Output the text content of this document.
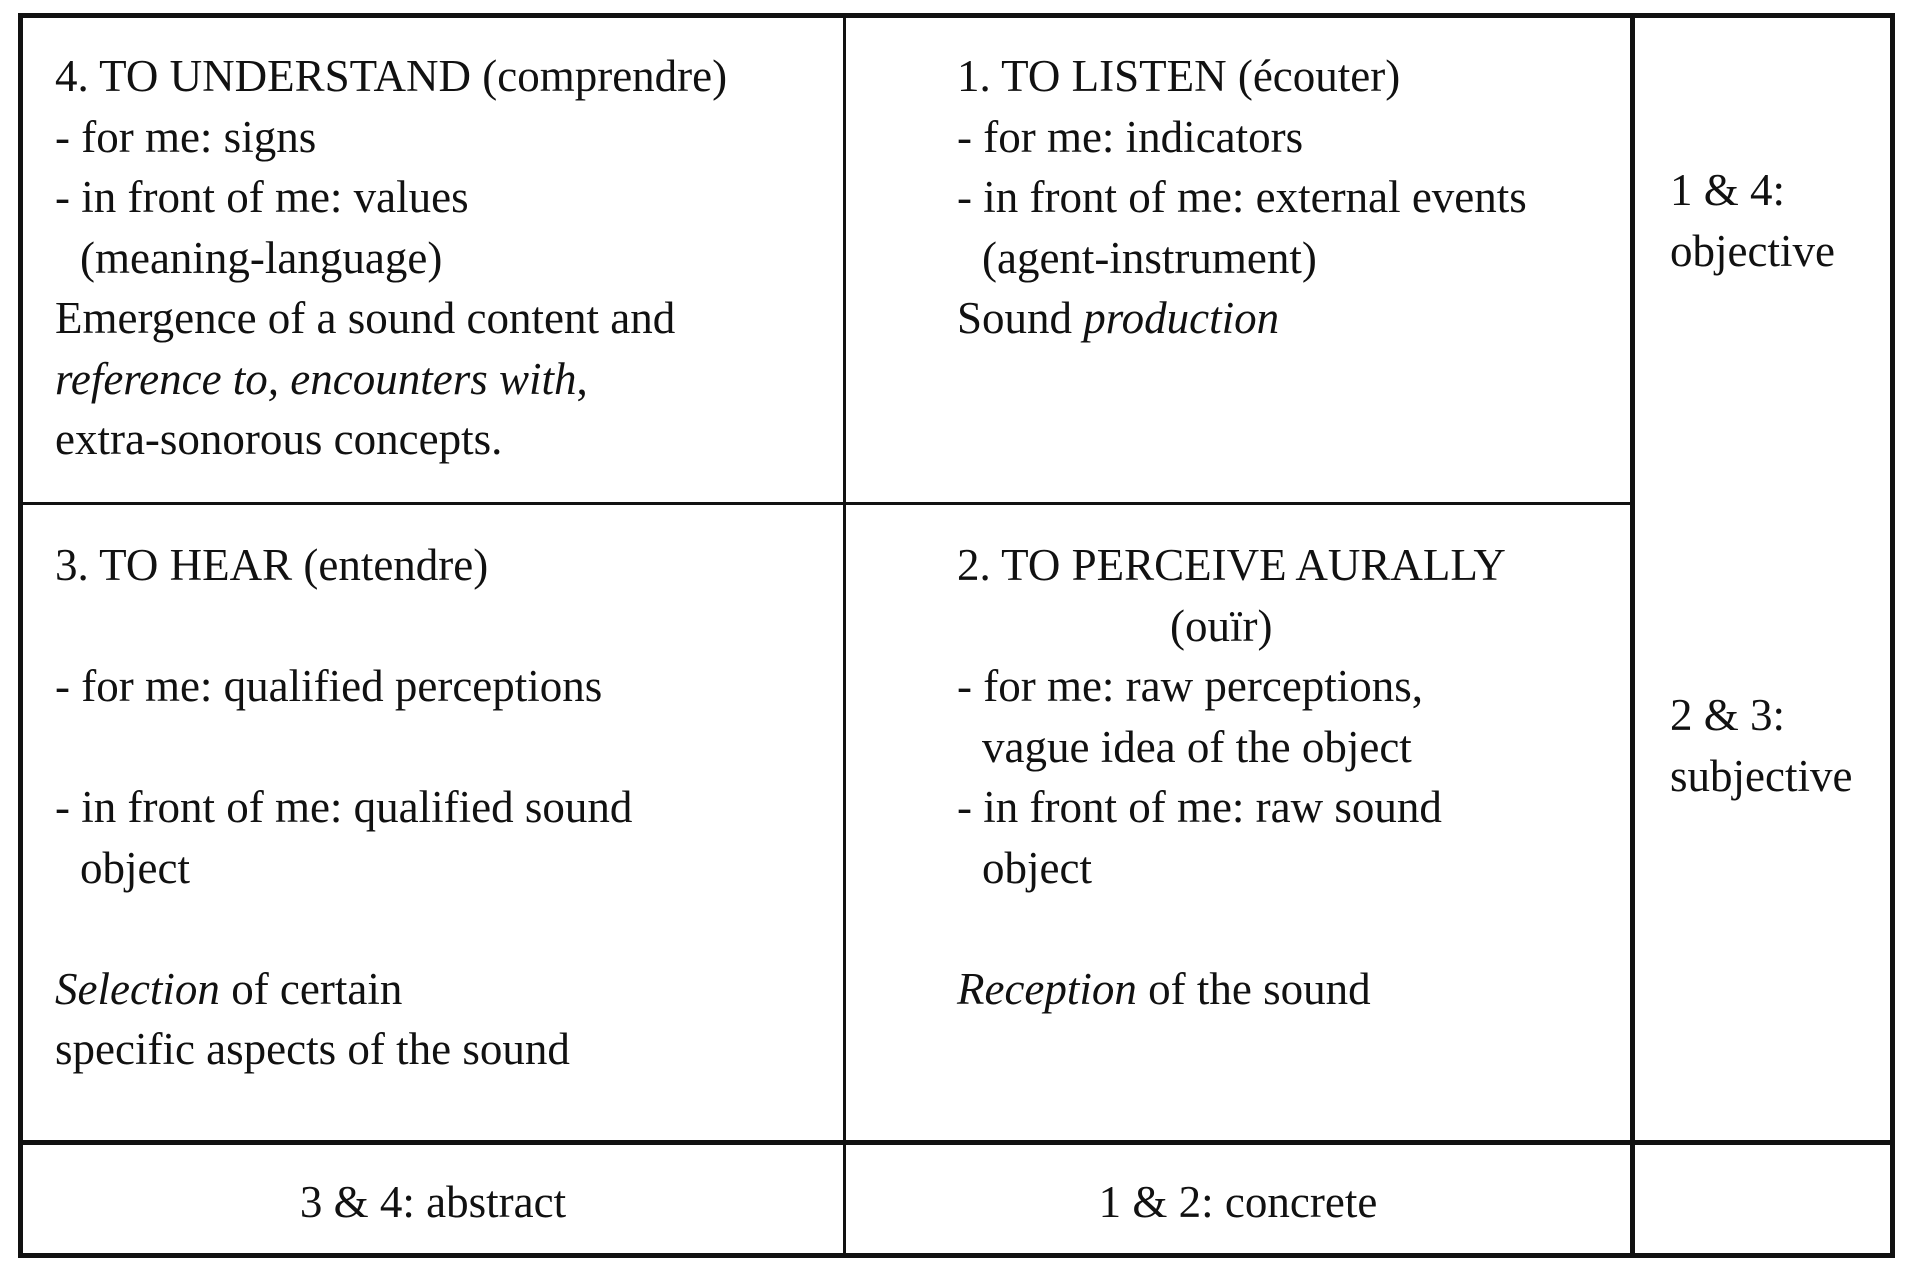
4. TO UNDERSTAND (comprendre)

- for me: signs

- in front of me: values

(meaning-language)

Emergence of a sound content and

reference to, encounters with,

extra-sonorous concepts.

1. TO LISTEN (écouter)

- for me: indicators

- in front of me: external events

(agent-instrument)

Sound production

3. TO HEAR (entendre)

- for me: qualified perceptions

- in front of me: qualified sound

object

Selection of certain

specific aspects of the sound

2. TO PERCEIVE AURALLY

(ouïr)

- for me: raw perceptions,

vague idea of the object

- in front of me: raw sound

object

Reception of the sound

1 & 4:

objective

2 & 3:

subjective

3 & 4: abstract	1 & 2: concrete
